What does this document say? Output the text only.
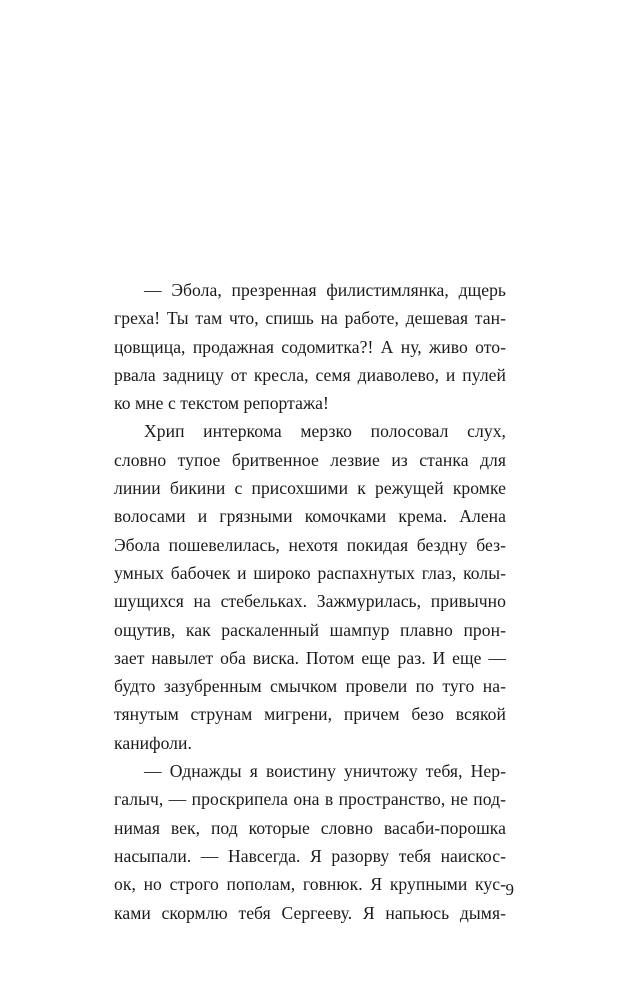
— Эбола, презренная филистимлянка, дщерь
греха! Ты там что, спишь на работе, дешевая тан-
цовщица, продажная содомитка?! А ну, живо ото-
рвала задницу от кресла, семя диаволево, и пулей
ко мне с текстом репортажа!
Хрип интеркома мерзко полосовал слух,
словно тупое бритвенное лезвие из станка для
линии бикини с присохшими к режущей кромке
волосами и грязными комочками крема. Алена
Эбола пошевелилась, нехотя покидая бездну без-
умных бабочек и широко распахнутых глаз, колы-
шущихся на стебельках. Зажмурилась, привычно
ощутив, как раскаленный шампур плавно прон-
зает навылет оба виска. Потом еще раз. И еще —
будто зазубренным смычком провели по туго на-
тянутым струнам мигрени, причем безо всякой
канифоли.
— Однажды я воистину уничтожу тебя, Нер-
галыч, — проскрипела она в пространство, не под-
нимая век, под которые словно васаби-порошка
насыпали. — Навсегда. Я разорву тебя наискос-
ок, но строго пополам, говнюк. Я крупными кус-
ками скормлю тебя Сергееву. Я напьюсь дымя-
9
